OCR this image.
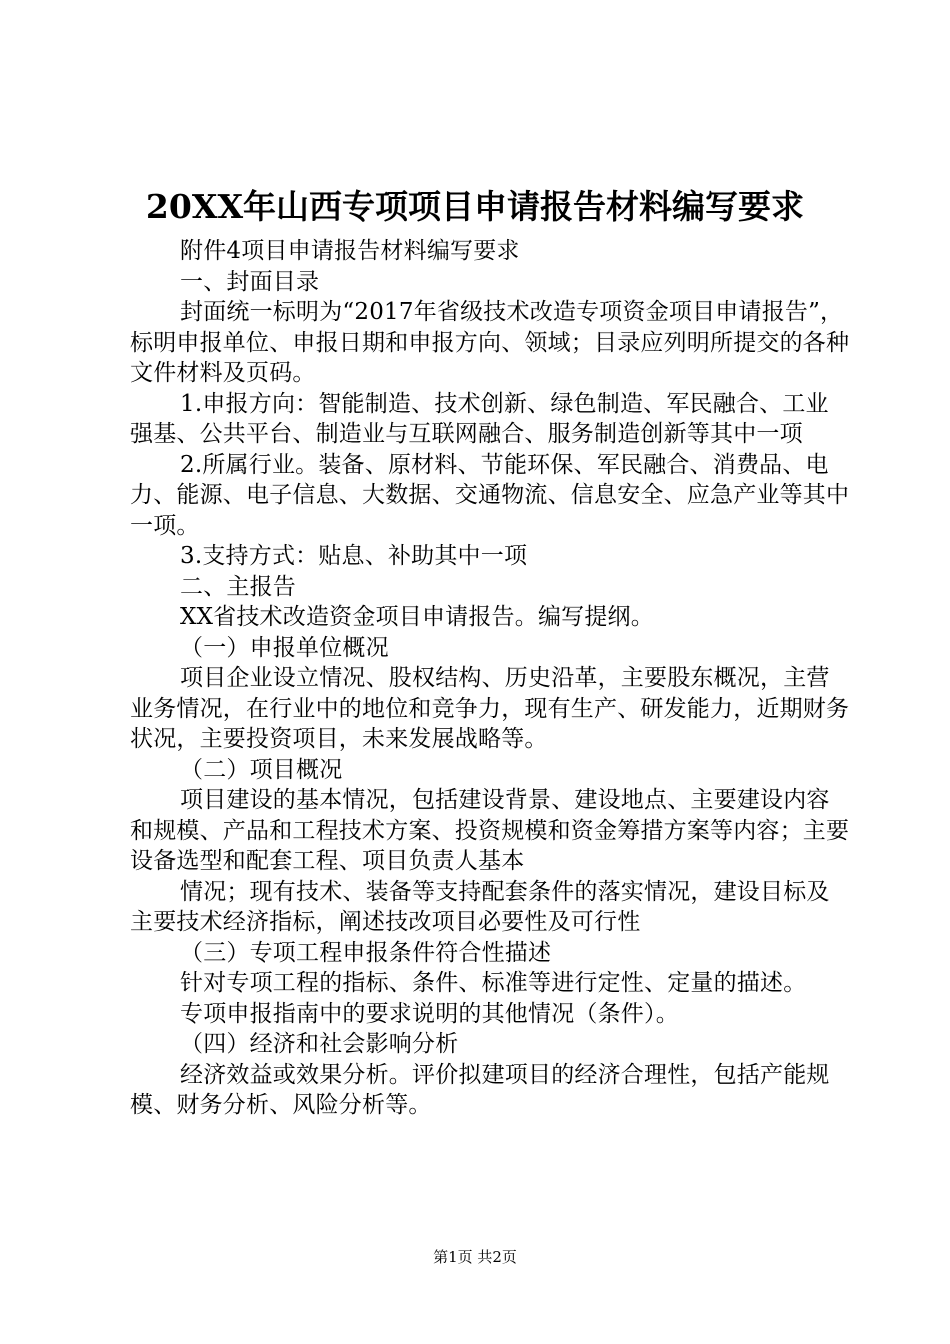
20XX年山西专项项目申请报告材料编写要求

附件4项目申请报告材料编写要求

一、封面目录

封面统一标明为“2017年省级技术改造专项资金项目申请报告”，标明申报单位、申报日期和申报方向、领域；目录应列明所提交的各种文件材料及页码。

1.申报方向：智能制造、技术创新、绿色制造、军民融合、工业强基、公共平台、制造业与互联网融合、服务制造创新等其中一项

2.所属行业。装备、原材料、节能环保、军民融合、消费品、电力、能源、电子信息、大数据、交通物流、信息安全、应急产业等其中一项。

3.支持方式：贴息、补助其中一项

二、主报告

XX省技术改造资金项目申请报告。编写提纲。

（一）申报单位概况

项目企业设立情况、股权结构、历史沿革，主要股东概况，主营业务情况，在行业中的地位和竞争力，现有生产、研发能力，近期财务状况，主要投资项目，未来发展战略等。

（二）项目概况

项目建设的基本情况，包括建设背景、建设地点、主要建设内容和规模、产品和工程技术方案、投资规模和资金筹措方案等内容；主要设备选型和配套工程、项目负责人基本

情况；现有技术、装备等支持配套条件的落实情况，建设目标及主要技术经济指标，阐述技改项目必要性及可行性

（三）专项工程申报条件符合性描述

针对专项工程的指标、条件、标准等进行定性、定量的描述。

专项申报指南中的要求说明的其他情况（条件）。

（四）经济和社会影响分析

经济效益或效果分析。评价拟建项目的经济合理性，包括产能规模、财务分析、风险分析等。

第1页 共2页
